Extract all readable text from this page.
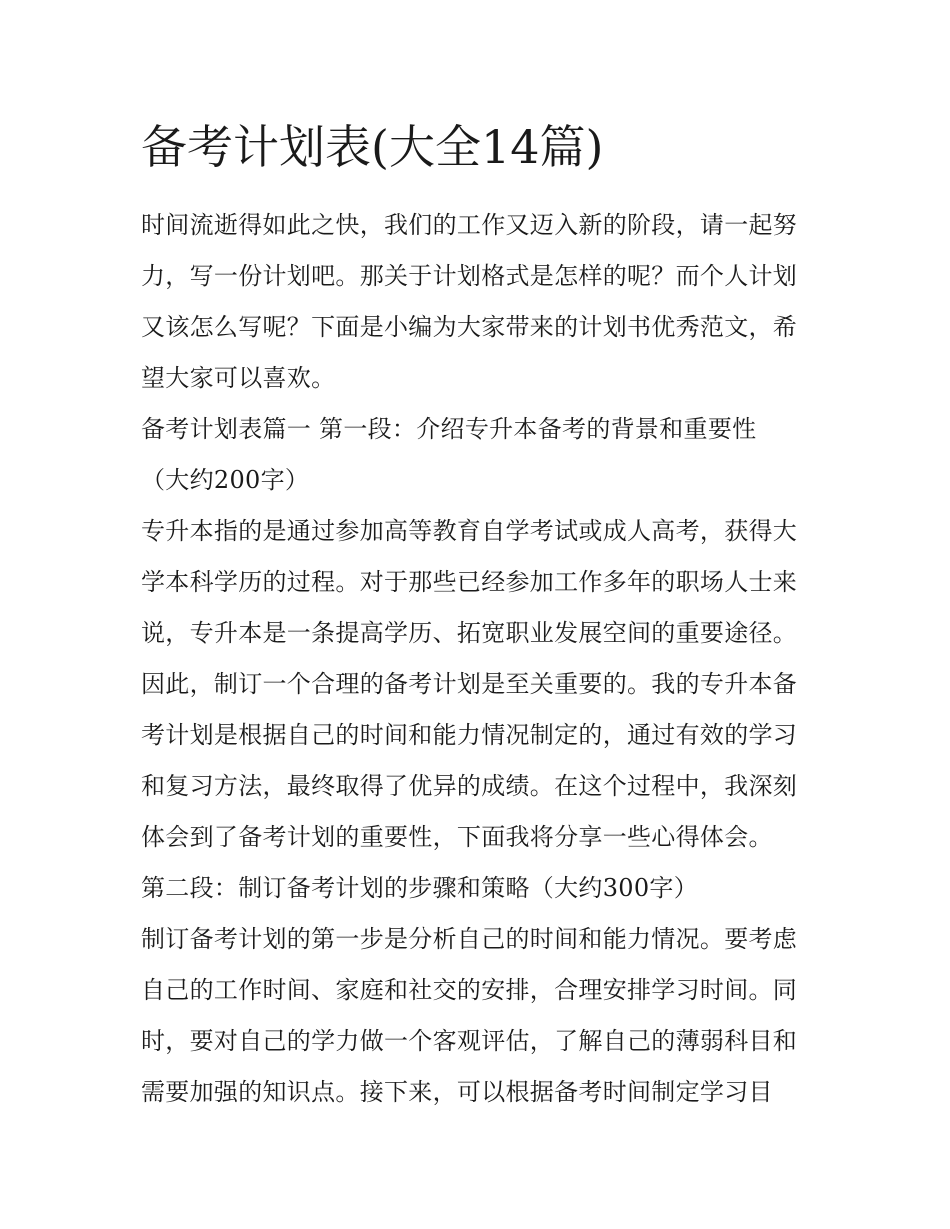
备考计划表(大全14篇)

时间流逝得如此之快，我们的工作又迈入新的阶段，请一起努
力，写一份计划吧。那关于计划格式是怎样的呢？而个人计划
又该怎么写呢？下面是小编为大家带来的计划书优秀范文，希
望大家可以喜欢。

备考计划表篇一 第一段：介绍专升本备考的背景和重要性
（大约200字）

专升本指的是通过参加高等教育自学考试或成人高考，获得大
学本科学历的过程。对于那些已经参加工作多年的职场人士来
说，专升本是一条提高学历、拓宽职业发展空间的重要途径。
因此，制订一个合理的备考计划是至关重要的。我的专升本备
考计划是根据自己的时间和能力情况制定的，通过有效的学习
和复习方法，最终取得了优异的成绩。在这个过程中，我深刻
体会到了备考计划的重要性，下面我将分享一些心得体会。

第二段：制订备考计划的步骤和策略（大约300字）

制订备考计划的第一步是分析自己的时间和能力情况。要考虑
自己的工作时间、家庭和社交的安排，合理安排学习时间。同
时，要对自己的学力做一个客观评估，了解自己的薄弱科目和
需要加强的知识点。接下来，可以根据备考时间制定学习目
